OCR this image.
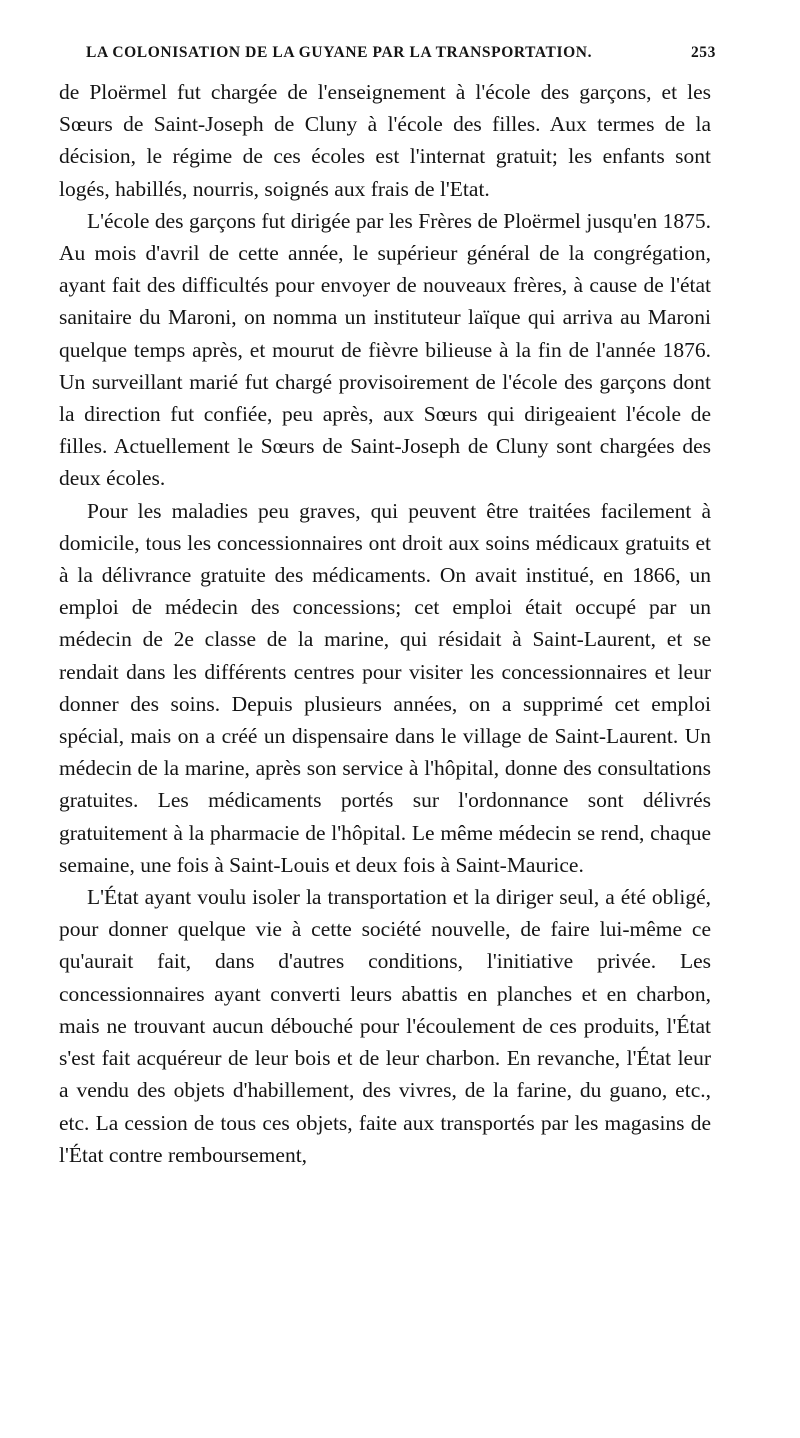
LA COLONISATION DE LA GUYANE PAR LA TRANSPORTATION.	253

de Ploërmel fut chargée de l'enseignement à l'école des garçons, et les Sœurs de Saint-Joseph de Cluny à l'école des filles. Aux termes de la décision, le régime de ces écoles est l'internat gratuit; les enfants sont logés, habillés, nourris, soignés aux frais de l'Etat.

L'école des garçons fut dirigée par les Frères de Ploërmel jusqu'en 1875. Au mois d'avril de cette année, le supérieur général de la congrégation, ayant fait des difficultés pour envoyer de nouveaux frères, à cause de l'état sanitaire du Maroni, on nomma un instituteur laïque qui arriva au Maroni quelque temps après, et mourut de fièvre bilieuse à la fin de l'année 1876. Un surveillant marié fut chargé provisoirement de l'école des garçons dont la direction fut confiée, peu après, aux Sœurs qui dirigeaient l'école de filles. Actuellement le Sœurs de Saint-Joseph de Cluny sont chargées des deux écoles.

Pour les maladies peu graves, qui peuvent être traitées facilement à domicile, tous les concessionnaires ont droit aux soins médicaux gratuits et à la délivrance gratuite des médicaments. On avait institué, en 1866, un emploi de médecin des concessions; cet emploi était occupé par un médecin de 2e classe de la marine, qui résidait à Saint-Laurent, et se rendait dans les différents centres pour visiter les concessionnaires et leur donner des soins. Depuis plusieurs années, on a supprimé cet emploi spécial, mais on a créé un dispensaire dans le village de Saint-Laurent. Un médecin de la marine, après son service à l'hôpital, donne des consultations gratuites. Les médicaments portés sur l'ordonnance sont délivrés gratuitement à la pharmacie de l'hôpital. Le même médecin se rend, chaque semaine, une fois à Saint-Louis et deux fois à Saint-Maurice.

L'État ayant voulu isoler la transportation et la diriger seul, a été obligé, pour donner quelque vie à cette société nouvelle, de faire lui-même ce qu'aurait fait, dans d'autres conditions, l'initiative privée. Les concessionnaires ayant converti leurs abattis en planches et en charbon, mais ne trouvant aucun débouché pour l'écoulement de ces produits, l'État s'est fait acquéreur de leur bois et de leur charbon. En revanche, l'État leur a vendu des objets d'habillement, des vivres, de la farine, du guano, etc., etc. La cession de tous ces objets, faite aux transportés par les magasins de l'État contre remboursement,
